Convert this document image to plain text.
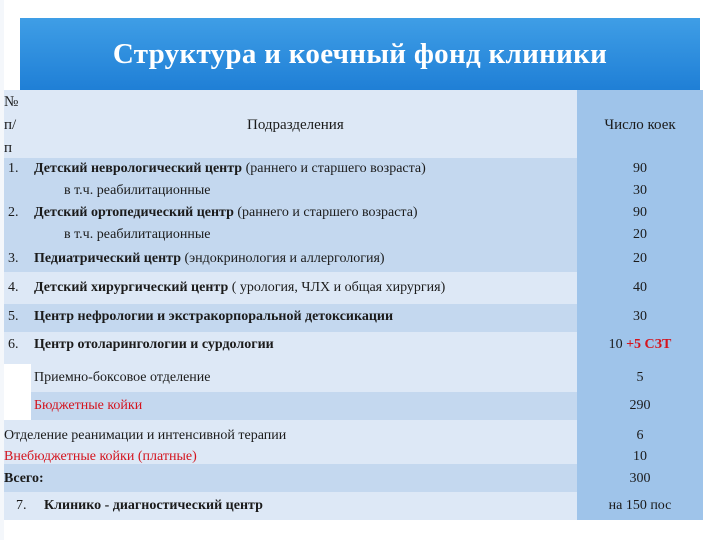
Структура и коечный фонд клиники
№
п/
п
Подразделения	Число коек
1. Детский неврологический центр (раннего и старшего возраста)	90
в т.ч. реабилитационные	30
2. Детский ортопедический центр (раннего и старшего возраста)	90
в т.ч. реабилитационные	20
3. Педиатрический центр (эндокринология и аллергология)	20
4. Детский хирургический центр ( урология, ЧЛХ и общая хирургия)	40
5. Центр нефрологии и экстракорпоральной детоксикации	30
6. Центр отоларингологии и сурдологии	10 +5 СЗТ
Приемно-боксовое отделение	5
Бюджетные койки	290
Отделение реанимации и интенсивной терапии	6
Внебюджетные койки (платные)	10
Всего:	300
7. Клинико - диагностический центр	на 150 пос
